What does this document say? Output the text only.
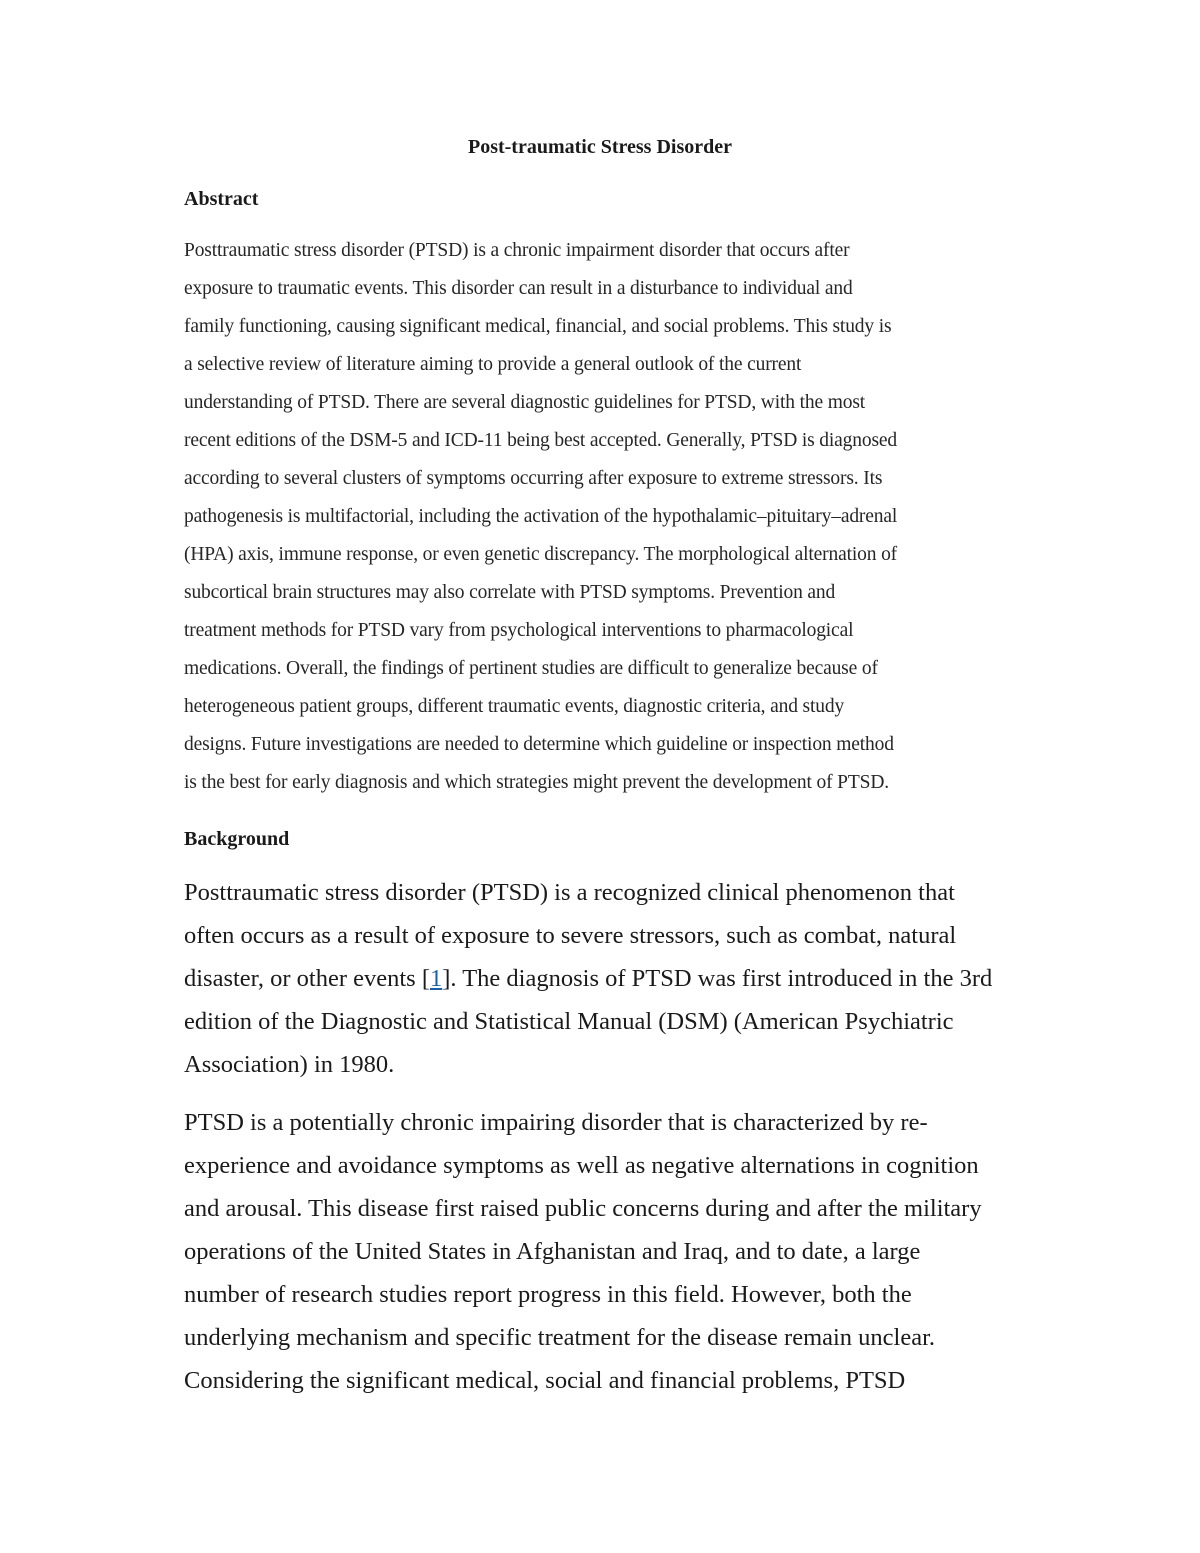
Post-traumatic Stress Disorder
Abstract
Posttraumatic stress disorder (PTSD) is a chronic impairment disorder that occurs after
exposure to traumatic events. This disorder can result in a disturbance to individual and
family functioning, causing significant medical, financial, and social problems. This study is
a selective review of literature aiming to provide a general outlook of the current
understanding of PTSD. There are several diagnostic guidelines for PTSD, with the most
recent editions of the DSM-5 and ICD-11 being best accepted. Generally, PTSD is diagnosed
according to several clusters of symptoms occurring after exposure to extreme stressors. Its
pathogenesis is multifactorial, including the activation of the hypothalamic–pituitary–adrenal
(HPA) axis, immune response, or even genetic discrepancy. The morphological alternation of
subcortical brain structures may also correlate with PTSD symptoms. Prevention and
treatment methods for PTSD vary from psychological interventions to pharmacological
medications. Overall, the findings of pertinent studies are difficult to generalize because of
heterogeneous patient groups, different traumatic events, diagnostic criteria, and study
designs. Future investigations are needed to determine which guideline or inspection method
is the best for early diagnosis and which strategies might prevent the development of PTSD.
Background
Posttraumatic stress disorder (PTSD) is a recognized clinical phenomenon that
often occurs as a result of exposure to severe stressors, such as combat, natural
disaster, or other events [1]. The diagnosis of PTSD was first introduced in the 3rd
edition of the Diagnostic and Statistical Manual (DSM) (American Psychiatric
Association) in 1980.
PTSD is a potentially chronic impairing disorder that is characterized by re-
experience and avoidance symptoms as well as negative alternations in cognition
and arousal. This disease first raised public concerns during and after the military
operations of the United States in Afghanistan and Iraq, and to date, a large
number of research studies report progress in this field. However, both the
underlying mechanism and specific treatment for the disease remain unclear.
Considering the significant medical, social and financial problems, PTSD
